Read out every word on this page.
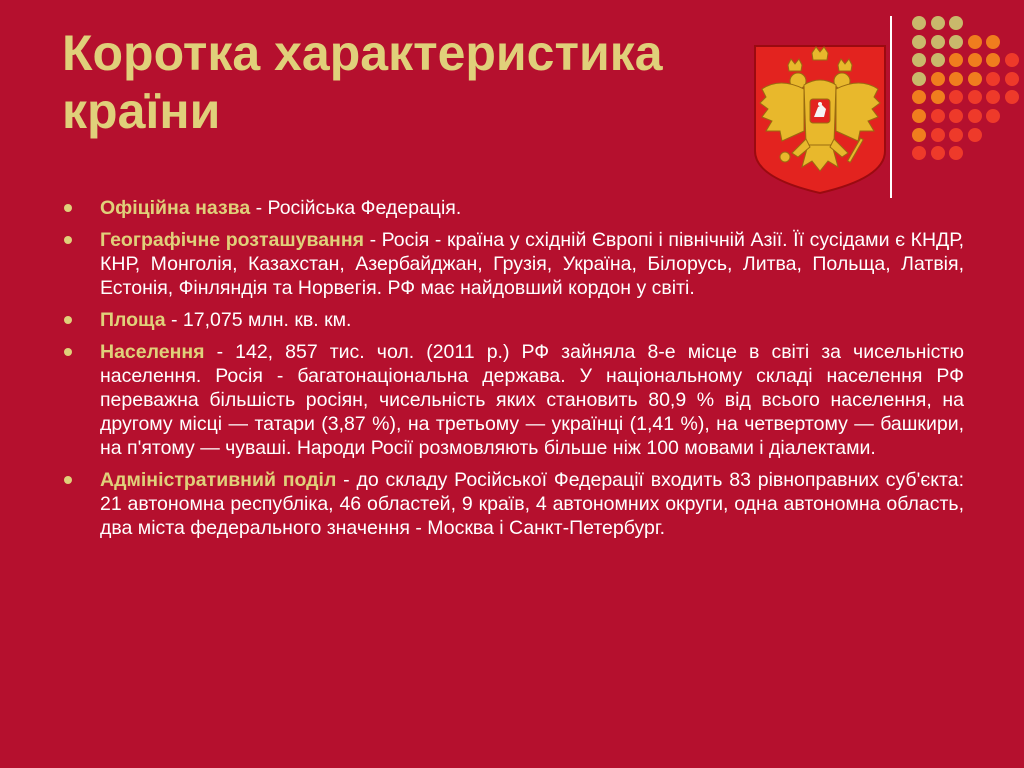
Коротка характеристика
країни
Офіційна назва - Російська Федерація.
Географічне розташування - Росія - країна у східній Європі і північній Азії. Її сусідами є КНДР, КНР, Монголія, Казахстан, Азербайджан, Грузія, Україна, Білорусь, Литва, Польща, Латвія, Естонія, Фінляндія та Норвегія. РФ має найдовший кордон у світі.
Площа - 17,075 млн. кв. км.
Населення - 142, 857 тис. чол. (2011 р.) РФ зайняла 8-е місце в світі за чисельністю населення. Росія - багатонаціональна держава. У національному складі населення РФ переважна більшість росіян, чисельність яких становить 80,9 % від всього населення, на другому місці — татари (3,87 %), на третьому — українці (1,41 %), на четвертому — башкири, на п'ятому — чуваші. Народи Росії розмовляють більше ніж 100 мовами і діалектами.
Адміністративний поділ - до складу Російської Федерації входить 83 рівноправних суб'єкта: 21 автономна республіка, 46 областей, 9 країв, 4 автономних округи, одна автономна область, два міста федерального значення - Москва і Санкт-Петербург.
